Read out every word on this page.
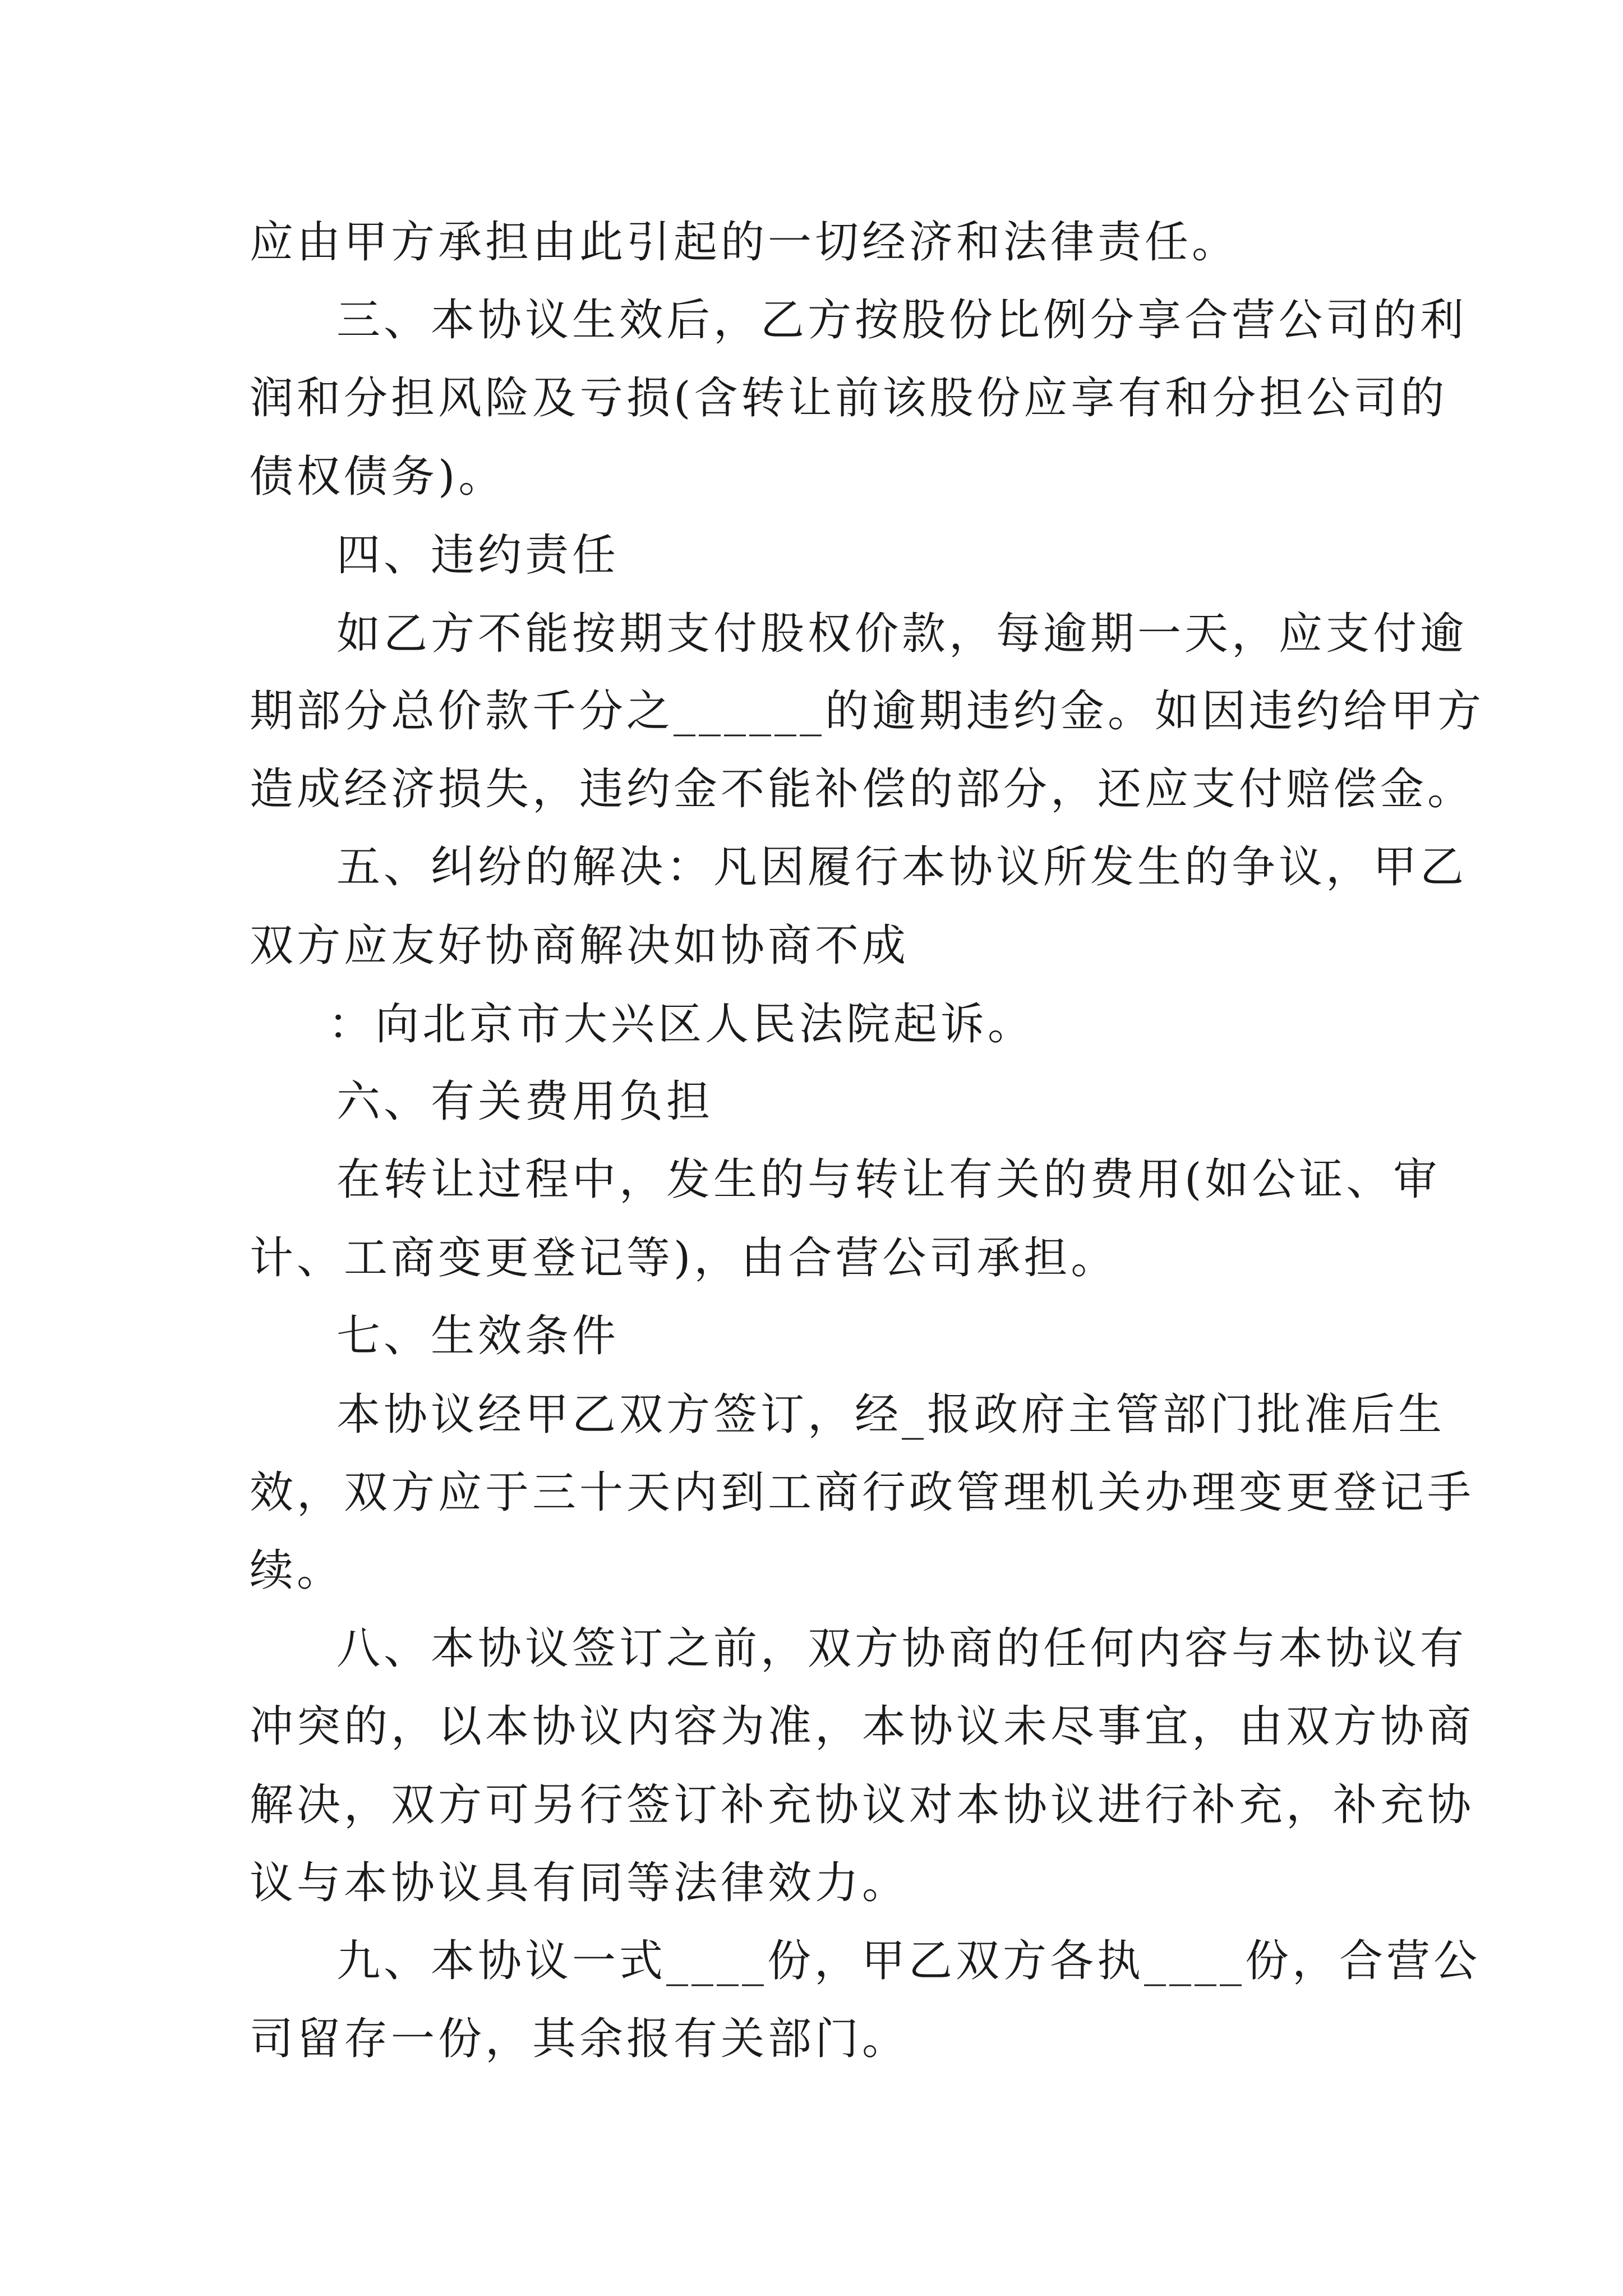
应由甲方承担由此引起的一切经济和法律责任。
三、本协议生效后，乙方按股份比例分享合营公司的利
润和分担风险及亏损(含转让前该股份应享有和分担公司的
债权债务)。
四、违约责任
如乙方不能按期支付股权价款，每逾期一天，应支付逾
期部分总价款千分之______的逾期违约金。如因违约给甲方
造成经济损失，违约金不能补偿的部分，还应支付赔偿金。
五、纠纷的解决：凡因履行本协议所发生的争议，甲乙
双方应友好协商解决如协商不成
：向北京市大兴区人民法院起诉。
六、有关费用负担
在转让过程中，发生的与转让有关的费用(如公证、审
计、工商变更登记等)，由合营公司承担。
七、生效条件
本协议经甲乙双方签订，经_报政府主管部门批准后生
效，双方应于三十天内到工商行政管理机关办理变更登记手
续。
八、本协议签订之前，双方协商的任何内容与本协议有
冲突的，以本协议内容为准，本协议未尽事宜，由双方协商
解决，双方可另行签订补充协议对本协议进行补充，补充协
议与本协议具有同等法律效力。
九、本协议一式____份，甲乙双方各执____份，合营公
司留存一份，其余报有关部门。
